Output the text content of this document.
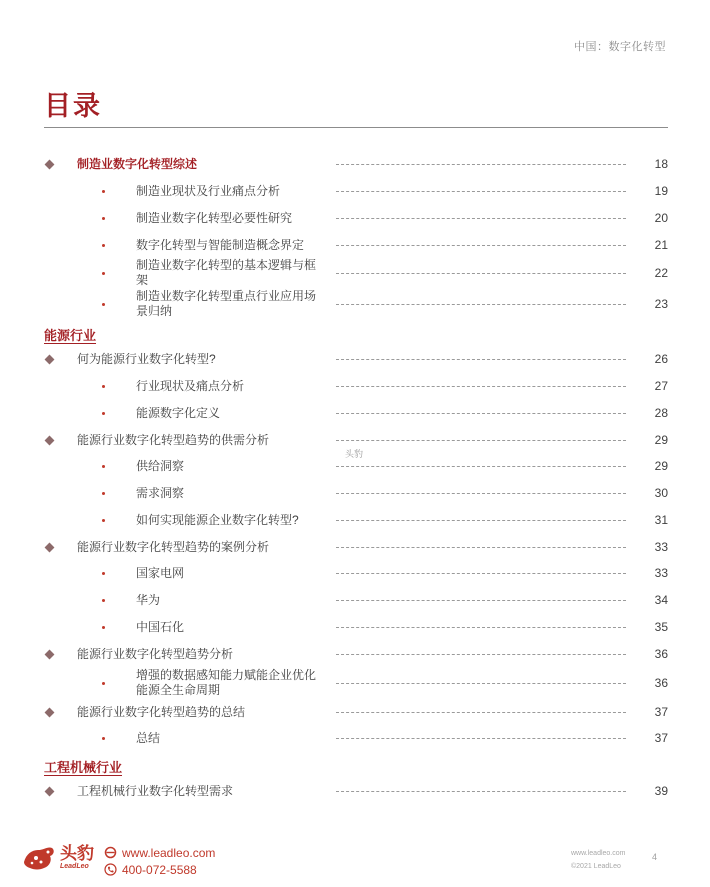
中国：数字化转型
目录
制造业数字化转型综述	18
制造业现状及行业痛点分析	19
制造业数字化转型必要性研究	20
数字化转型与智能制造概念界定	21
制造业数字化转型的基本逻辑与框架	22
制造业数字化转型重点行业应用场景归纳	23
能源行业
何为能源行业数字化转型?	26
行业现状及痛点分析	27
能源数字化定义	28
能源行业数字化转型趋势的供需分析	29
供给洞察	29
需求洞察	30
如何实现能源企业数字化转型?	31
能源行业数字化转型趋势的案例分析	33
国家电网	33
华为	34
中国石化	35
能源行业数字化转型趋势分析	36
增强的数据感知能力赋能企业优化能源全生命周期	36
能源行业数字化转型趋势的总结	37
总结	37
工程机械行业
工程机械行业数字化转型需求	39
头豹
头豹
LeadLeo
www.leadleo.com
400-072-5588
www.leadleo.com
©2021 LeadLeo
4
